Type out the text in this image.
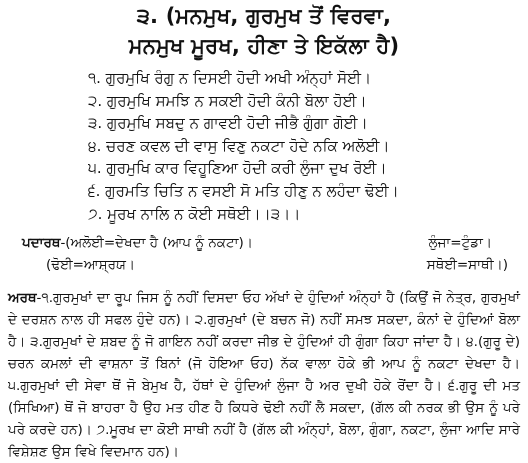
੩. (ਮਨਮੁਖ, ਗੁਰਮੁਖ ਤੋਂ ਵਿਰਵਾ,
ਮਨਮੁਖ ਮੂਰਖ, ਹੀਣਾ ਤੇ ਇਕੱਲਾ ਹੈ)
੧. ਗੁਰਮੁਖਿ ਰੰਗੁ ਨ ਦਿਸਈ ਹੋਦੀ ਅਖੀ ਅੰਨ੍ਹਾਂ ਸੋਈ।
੨. ਗੁਰਮੁਖਿ ਸਮਝਿ ਨ ਸਕਈ ਹੋਦੀ ਕੰਨੀ ਬੋਲਾ ਹੋਈ।
੩. ਗੁਰਮੁਖਿ ਸਬਦੁ ਨ ਗਾਵਈ ਹੋਦੀ ਜੀਭੈ ਗੁੰਗਾ ਗੋਈ।
੪. ਚਰਣ ਕਵਲ ਦੀ ਵਾਸੁ ਵਿਣੁ ਨਕਟਾ ਹੋਦੇ ਨਕਿ ਅਲੋਈ।
੫. ਗੁਰਮੁਖਿ ਕਾਰ ਵਿਹੂਣਿਆ ਹੋਦੀ ਕਰੀ ਲੁੰਜਾ ਦੁਖ ਰੋਈ।
੬. ਗੁਰਮਤਿ ਚਿਤਿ ਨ ਵਸਈ ਸੋ ਮਤਿ ਹੀਣੁ ਨ ਲਹੰਦਾ ਢੋਈ।
੭. ਮੂਰਖ ਨਾਲਿ ਨ ਕੋਈ ਸਥੋਈ।।੩।।
ਪਦਾਰਥ-(ਅਲੋਈ=ਦੇਖਦਾ ਹੈ (ਆਪ ਨੂੰ ਨਕਟਾ)।	ਲੁੰਜਾ=ਟੁੰਡਾ।
(ਢੋਈ=ਆਸ਼੍ਰਯ।	ਸਥੋਈ=ਸਾਥੀ।)

ਅਰਥ-੧.ਗੁਰਮੁਖਾਂ ਦਾ ਰੂਪ ਜਿਸ ਨੂੰ ਨਹੀਂ ਦਿਸਦਾ ਓਹ ਅੱਖਾਂ ਦੇ ਹੁੰਦਿਆਂ ਅੰਨ੍ਹਾਂ ਹੈ (ਕਿਉਂ ਜੋ ਨੇਤ੍ਰ, ਗੁਰਮੁਖਾਂ ਦੇ ਦਰਸ਼ਨ ਨਾਲ ਹੀ ਸਫਲ ਹੁੰਦੇ ਹਨ)। ੨.ਗੁਰਮੁਖਾਂ (ਦੇ ਬਚਨ ਜੋ) ਨਹੀਂ ਸਮਝ ਸਕਦਾ, ਕੰਨਾਂ ਦੇ ਹੁੰਦਿਆਂ ਬੋਲਾ ਹੈ। ੩.ਗੁਰਮੁਖਾਂ ਦੇ ਸ਼ਬਦ ਨੂੰ ਜੋ ਗਾਇਨ ਨਹੀਂ ਕਰਦਾ ਜੀਭ ਦੇ ਹੁੰਦਿਆਂ ਹੀ ਗੁੰਗਾ ਕਿਹਾ ਜਾਂਦਾ ਹੈ। ੪.(ਗੁਰੂ ਦੇ) ਚਰਨ ਕਮਲਾਂ ਦੀ ਵਾਸ਼ਨਾ ਤੋਂ ਬਿਨਾਂ (ਜੋ ਹੋਇਆ ਓਹ) ਨੱਕ ਵਾਲਾ ਹੋਕੇ ਭੀ ਆਪ ਨੂੰ ਨਕਟਾ ਦੇਖਦਾ ਹੈ। ੫.ਗੁਰਮੁਖਾਂ ਦੀ ਸੇਵਾ ਥੋਂ ਜੋ ਬੇਮੁਖ ਹੈ, ਹੱਥਾਂ ਦੇ ਹੁੰਦਿਆਂ ਲੁੰਜਾ ਹੈ ਅਰ ਦੁਖੀ ਹੋਕੇ ਰੋਂਦਾ ਹੈ। ੬.ਗੁਰੂ ਦੀ ਮਤ (ਸਿਖਿਆ) ਥੋਂ ਜੋ ਬਾਹਰਾ ਹੈ ਉਹ ਮਤ ਹੀਣ ਹੈ ਕਿਧਰੇ ਢੋਈ ਨਹੀਂ ਲੈ ਸਕਦਾ, (ਗੱਲ ਕੀ ਨਰਕ ਭੀ ਉਸ ਨੂੰ ਪਰੇ ਪਰੇ ਕਰਦੇ ਹਨ)। ੭.ਮੂਰਖ ਦਾ ਕੋਈ ਸਾਥੀ ਨਹੀਂ ਹੈ (ਗੱਲ ਕੀ ਅੰਨ੍ਹਾਂ, ਬੋਲਾ, ਗੁੰਗਾ, ਨਕਟਾ, ਲੁੰਜਾ ਆਦਿ ਸਾਰੇ ਵਿਸ਼ੇਸ਼ਣ ਉਸ ਵਿਖੇ ਵਿਦਮਾਨ ਹਨ)।
